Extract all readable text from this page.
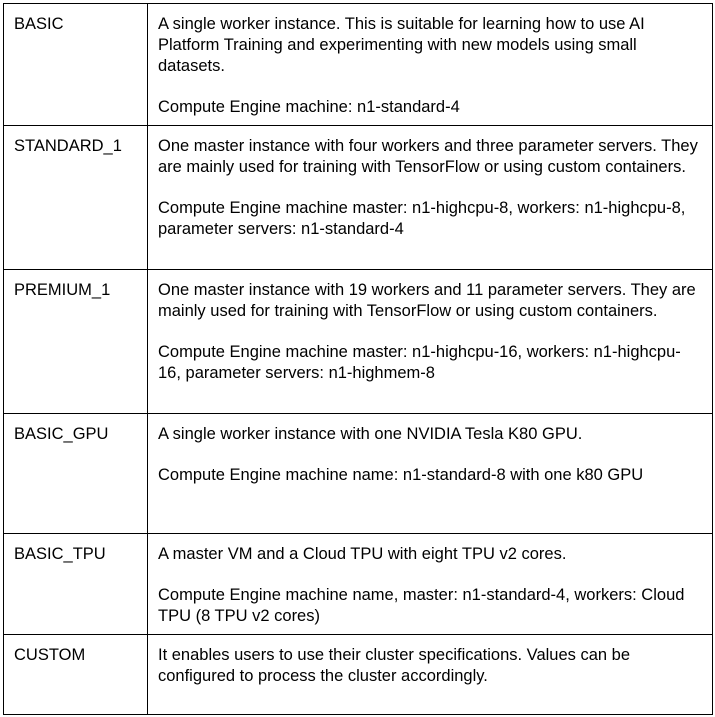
BASIC	A single worker instance. This is suitable for learning how to use AI Platform Training and experimenting with new models using small datasets.

Compute Engine machine: n1-standard-4

STANDARD_1	One master instance with four workers and three parameter servers. They are mainly used for training with TensorFlow or using custom containers.

Compute Engine machine master: n1-highcpu-8, workers: n1-highcpu-8, parameter servers: n1-standard-4

PREMIUM_1	One master instance with 19 workers and 11 parameter servers. They are mainly used for training with TensorFlow or using custom containers.

Compute Engine machine master: n1-highcpu-16, workers: n1-highcpu-16, parameter servers: n1-highmem-8

BASIC_GPU	A single worker instance with one NVIDIA Tesla K80 GPU.

Compute Engine machine name: n1-standard-8 with one k80 GPU

BASIC_TPU	A master VM and a Cloud TPU with eight TPU v2 cores.

Compute Engine machine name, master: n1-standard-4, workers: Cloud TPU (8 TPU v2 cores)

CUSTOM	It enables users to use their cluster specifications. Values can be configured to process the cluster accordingly.
